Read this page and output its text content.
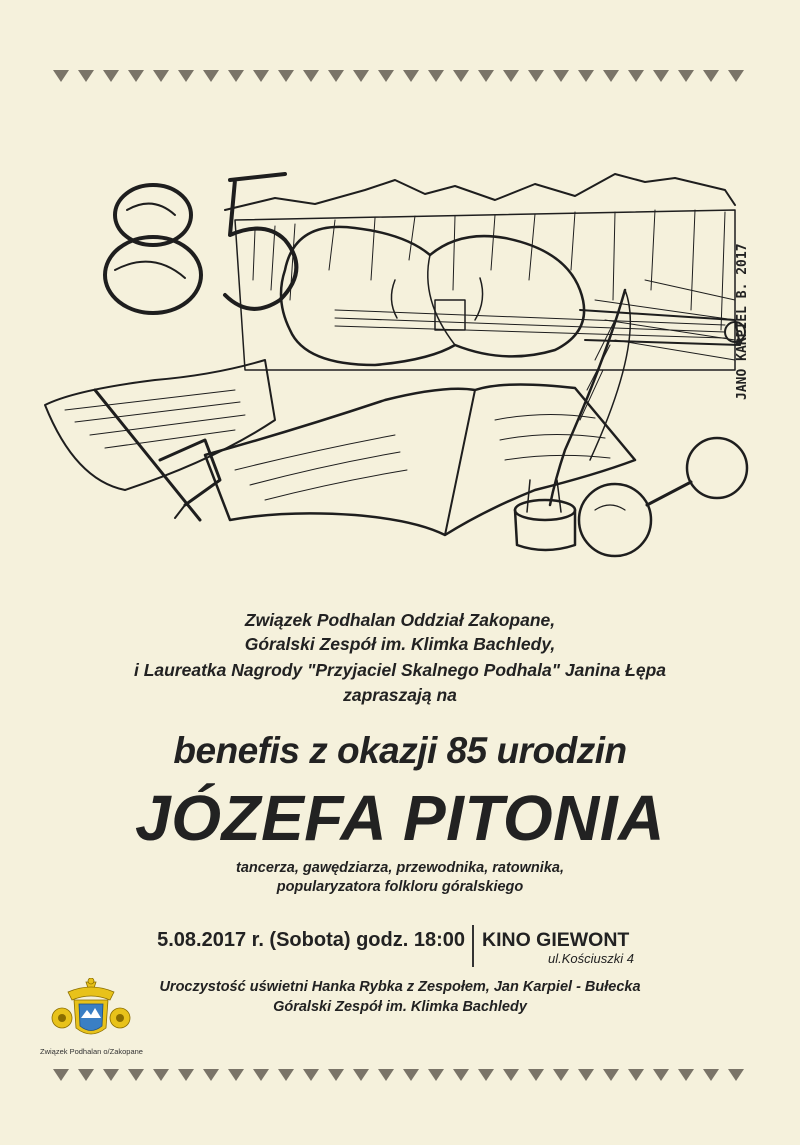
JANO KARPIEL B. 2017
Związek Podhalan Oddział Zakopane,
Góralski Zespół im. Klimka Bachledy,
i Laureatka Nagrody "Przyjaciel Skalnego Podhala" Janina Łępa
zapraszają na
benefis z okazji 85 urodzin
JÓZEFA PITONIA
tancerza, gawędziarza, przewodnika, ratownika,
popularyzatora folkloru góralskiego
5.08.2017 r. (Sobota) godz. 18:00 KINO GIEWONT
ul.Kościuszki 4
Uroczystość uświetni Hanka Rybka z Zespołem, Jan Karpiel - Bułecka
Góralski Zespół im. Klimka Bachledy
Związek Podhalan o/Zakopane
